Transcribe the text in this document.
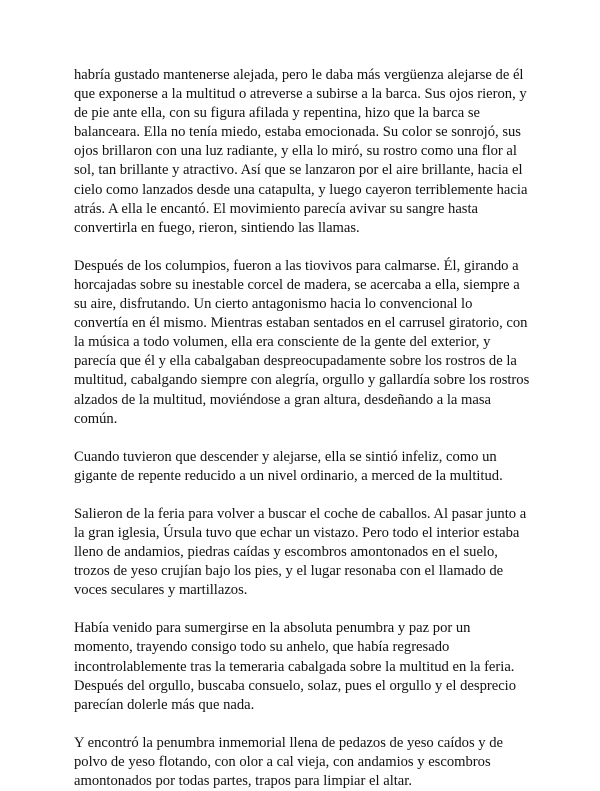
habría gustado mantenerse alejada, pero le daba más vergüenza alejarse de él que exponerse a la multitud o atreverse a subirse a la barca. Sus ojos rieron, y de pie ante ella, con su figura afilada y repentina, hizo que la barca se balanceara. Ella no tenía miedo, estaba emocionada. Su color se sonrojó, sus ojos brillaron con una luz radiante, y ella lo miró, su rostro como una flor al sol, tan brillante y atractivo. Así que se lanzaron por el aire brillante, hacia el cielo como lanzados desde una catapulta, y luego cayeron terriblemente hacia atrás. A ella le encantó. El movimiento parecía avivar su sangre hasta convertirla en fuego, rieron, sintiendo las llamas.

Después de los columpios, fueron a las tiovivos para calmarse. Él, girando a horcajadas sobre su inestable corcel de madera, se acercaba a ella, siempre a su aire, disfrutando. Un cierto antagonismo hacia lo convencional lo convertía en él mismo. Mientras estaban sentados en el carrusel giratorio, con la música a todo volumen, ella era consciente de la gente del exterior, y parecía que él y ella cabalgaban despreocupadamente sobre los rostros de la multitud, cabalgando siempre con alegría, orgullo y gallardía sobre los rostros alzados de la multitud, moviéndose a gran altura, desdeñando a la masa común.

Cuando tuvieron que descender y alejarse, ella se sintió infeliz, como un gigante de repente reducido a un nivel ordinario, a merced de la multitud.

Salieron de la feria para volver a buscar el coche de caballos. Al pasar junto a la gran iglesia, Úrsula tuvo que echar un vistazo. Pero todo el interior estaba lleno de andamios, piedras caídas y escombros amontonados en el suelo, trozos de yeso crujían bajo los pies, y el lugar resonaba con el llamado de voces seculares y martillazos.

Había venido para sumergirse en la absoluta penumbra y paz por un momento, trayendo consigo todo su anhelo, que había regresado incontrolablemente tras la temeraria cabalgada sobre la multitud en la feria. Después del orgullo, buscaba consuelo, solaz, pues el orgullo y el desprecio parecían dolerle más que nada.

Y encontró la penumbra inmemorial llena de pedazos de yeso caídos y de polvo de yeso flotando, con olor a cal vieja, con andamios y escombros amontonados por todas partes, trapos para limpiar el altar.
